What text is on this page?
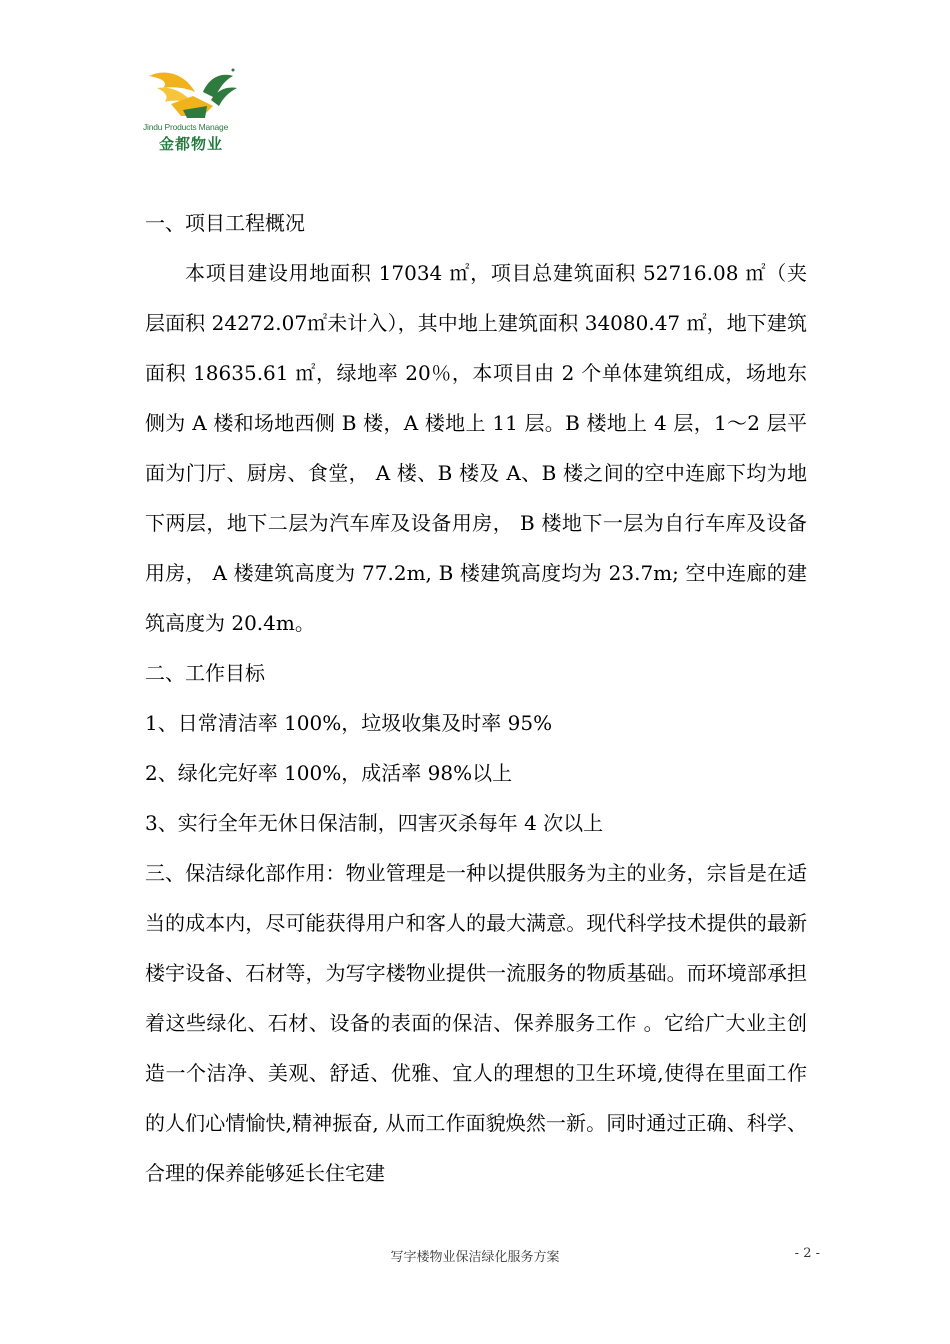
Jindu Products Manage
金都物业

一、项目工程概况

本项目建设用地面积 17034 ㎡，项目总建筑面积 52716.08 ㎡（夹层面积 24272.07㎡未计入），其中地上建筑面积 34080.47 ㎡，地下建筑面积 18635.61 ㎡，绿地率 20％，本项目由 2 个单体建筑组成，场地东侧为 A 楼和场地西侧 B 楼，A 楼地上 11 层。B 楼地上 4 层，1～2 层平面为门厅、厨房、食堂， A 楼、B 楼及 A、B 楼之间的空中连廊下均为地下两层，地下二层为汽车库及设备用房， B 楼地下一层为自行车库及设备用房， A 楼建筑高度为 77.2m, B 楼建筑高度均为 23.7m; 空中连廊的建筑高度为 20.4m。

二、工作目标

1、日常清洁率 100%，垃圾收集及时率 95%

2、绿化完好率 100%，成活率 98%以上

3、实行全年无休日保洁制，四害灭杀每年 4 次以上

三、保洁绿化部作用：物业管理是一种以提供服务为主的业务，宗旨是在适当的成本内，尽可能获得用户和客人的最大满意。现代科学技术提供的最新楼宇设备、石材等，为写字楼物业提供一流服务的物质基础。而环境部承担着这些绿化、石材、设备的表面的保洁、保养服务工作 。它给广大业主创造一个洁净、美观、舒适、优雅、宜人的理想的卫生环境,使得在里面工作的人们心情愉快,精神振奋, 从而工作面貌焕然一新。同时通过正确、科学、合理的保养能够延长住宅建

写字楼物业保洁绿化服务方案	- 2 -
